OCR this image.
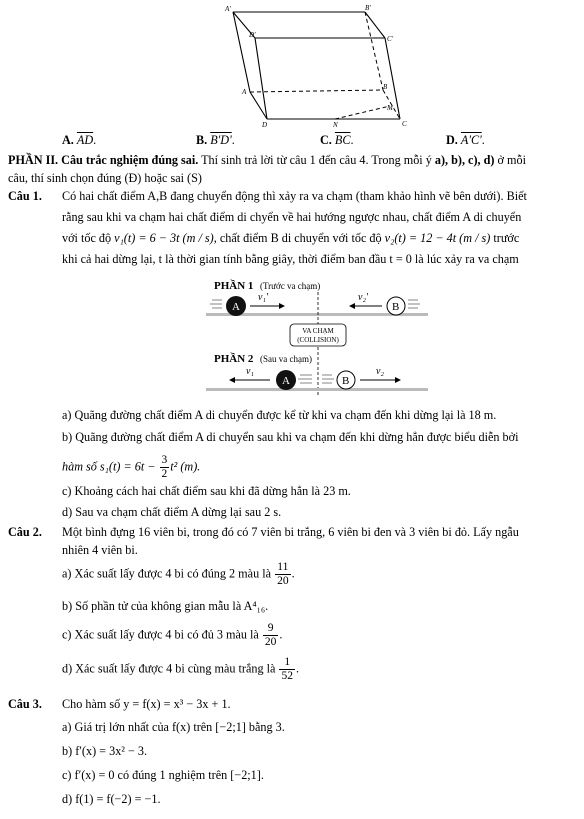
A'	B'
D'	C'
A
B
D	C
M
N
A. $\overline{AD}$.	B. B'D'.	C. $\overline{BC}$.	D. A'C'.
PHẦN II. Câu trắc nghiệm đúng sai. Thí sinh trả lời từ câu 1 đến câu 4. Trong mỗi ý a), b), c), d) ở mỗi
câu, thí sinh chọn đúng (Đ) hoặc sai (S)
Câu 1. Có hai chất điểm A,B đang chuyển động thì xảy ra va chạm (tham khảo hình vẽ bên dưới). Biết
rằng sau khi va chạm hai chất điểm di chyển về hai hướng ngược nhau, chất điểm A di chuyển
với tốc độ v₁(t) = 6 − 3t (m / s), chất điểm B di chuyển với tốc độ v₂(t) = 12 − 4t (m / s) trước
khi cả hai dừng lại, t là thời gian tính bằng giây, thời điểm ban đầu t = 0 là lúc xảy ra va chạm
PHẦN 1 (Trước va chạm)
A
v₁′
B
v₂′
VA CHẠM
(COLLISION)
PHẦN 2 (Sau va chạm)
A
v₁
B
v₂
a) Quãng đường chất điểm A di chuyển được kể từ khi va chạm đến khi dừng lại là 18 m.
b) Quãng đường chất điểm A di chuyển sau khi va chạm đến khi dừng hẳn được biểu diễn bởi
hàm số $s_1(t) = 6t - \frac{3}{2} t^2$ (m).
c) Khoảng cách hai chất điểm sau khi đã dừng hẳn là 23 m.
d) Sau va chạm chất điểm A dừng lại sau 2 s.
Câu 2. Một bình đựng 16 viên bi, trong đó có 7 viên bi trắng, 6 viên bi đen và 3 viên bi đỏ. Lấy ngẫu
nhiên 4 viên bi.
a) Xác suất lấy được 4 bi có đúng 2 màu là $\frac{11}{20}$ .
b) Số phần tử của không gian mẫu là A⁴₁₆.
c) Xác suất lấy được 4 bi có đủ 3 màu là $\frac{9}{20}$ .
d) Xác suất lấy được 4 bi cùng màu trắng là $\frac{1}{52}$ .
Câu 3. Cho hàm số y = f(x) = x³ − 3x + 1.
a) Giá trị lớn nhất của f(x) trên [−2;1] bằng 3.
b) f′(x) = 3x² − 3.
c) f′(x) = 0 có đúng 1 nghiệm trên [−2;1].
d) f(1) = f(−2) = −1.
